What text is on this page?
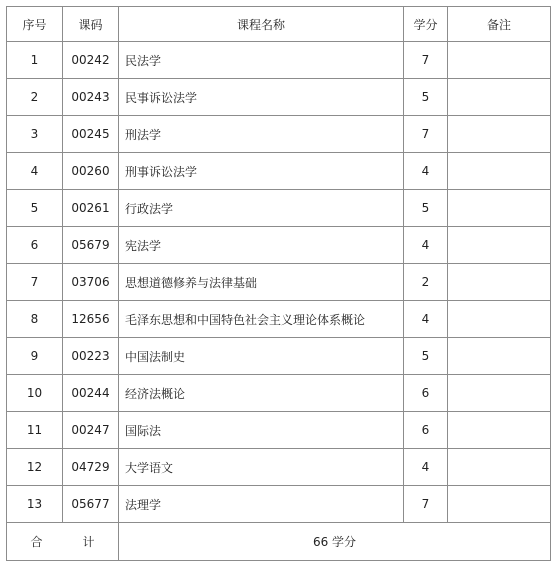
序号	课码	课程名称	学分	备注
1	00242	民法学	7	
2	00243	民事诉讼法学	5	
3	00245	刑法学	7	
4	00260	刑事诉讼法学	4	
5	00261	行政法学	5	
6	05679	宪法学	4	
7	03706	思想道德修养与法律基础	2	
8	12656	毛泽东思想和中国特色社会主义理论体系概论	4	
9	00223	中国法制史	5	
10	00244	经济法概论	6	
11	00247	国际法	6	
12	04729	大学语文	4	
13	05677	法理学	7	
合 计		66 学分		
